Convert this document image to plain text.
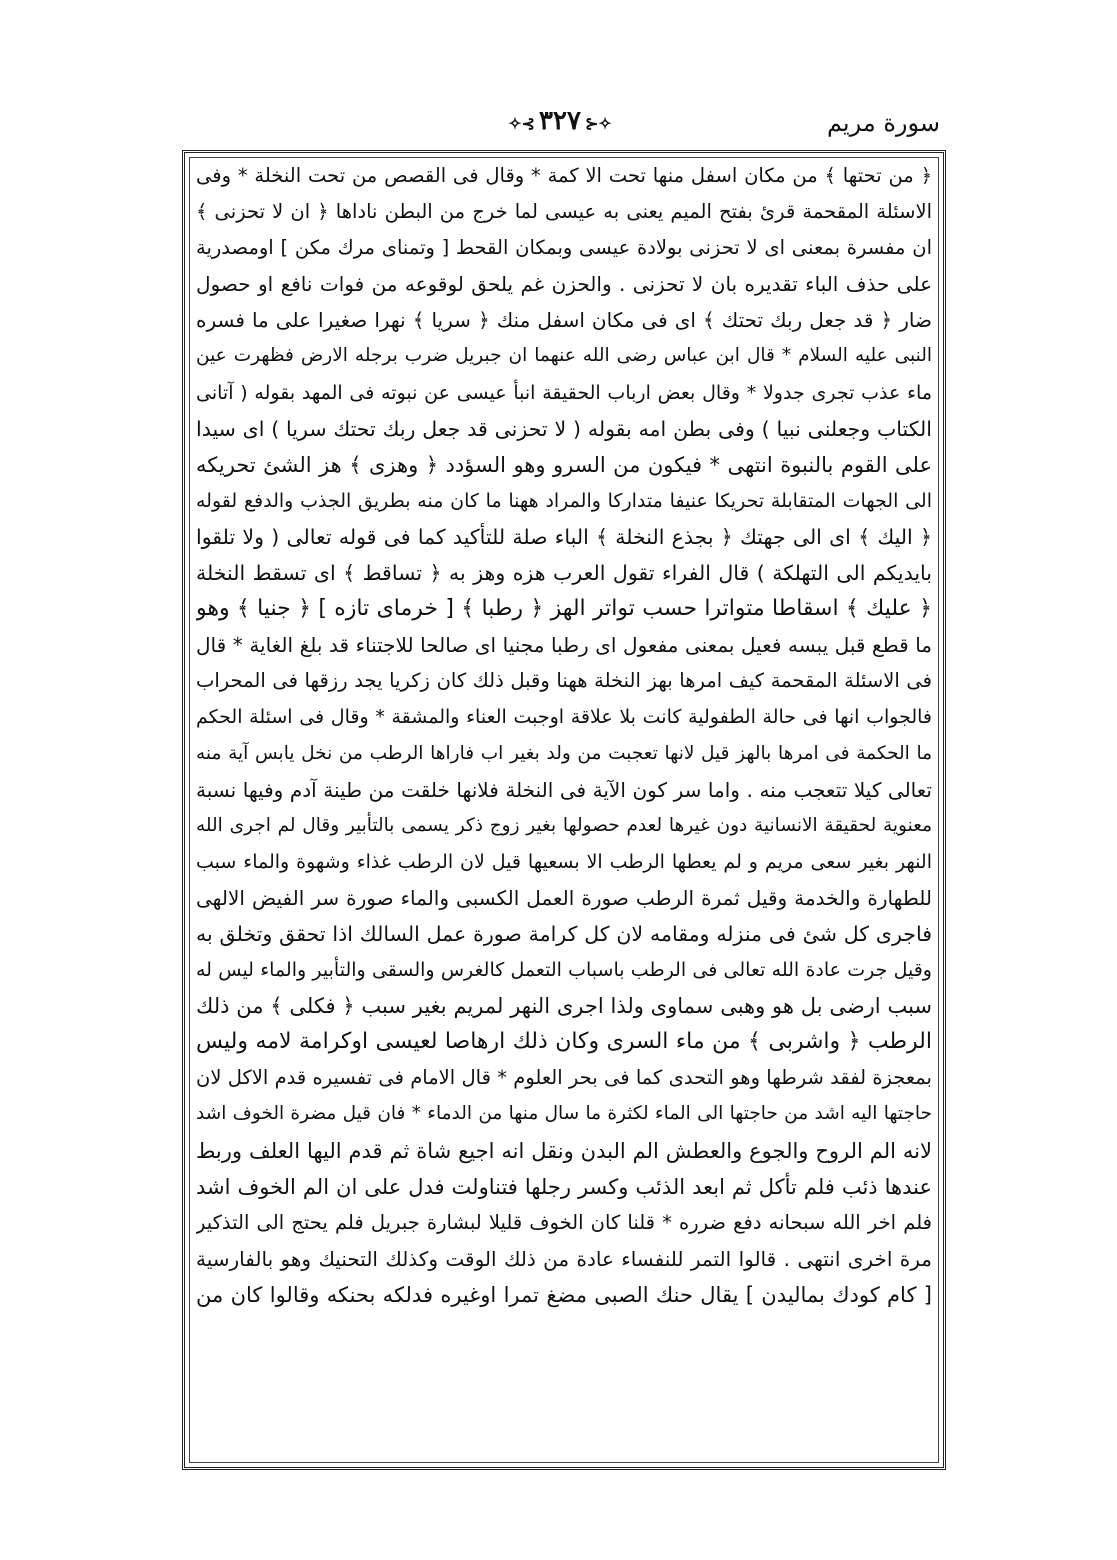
سورة مريم
✧⊰٣٢٧⊱✧
﴿ من تحتها ﴾ من مكان اسفل منها تحت الا كمة * وقال فى القصص من تحت النخلة * وفى
الاسئلة المقحمة قرئ بفتح الميم يعنى به عيسى لما خرج من البطن ناداها ﴿ ان لا تحزنى ﴾
ان مفسرة بمعنى اى لا تحزنى بولادة عيسى وبمكان القحط [ وتمناى مرك مكن ] اومصدرية
على حذف الباء تقديره بان لا تحزنى . والحزن غم يلحق لوقوعه من فوات نافع او حصول
ضار ﴿ قد جعل ربك تحتك ﴾ اى فى مكان اسفل منك ﴿ سريا ﴾ نهرا صغيرا على ما فسره
النبى عليه السلام * قال ابن عباس رضى الله عنهما ان جبريل ضرب برجله الارض فظهرت عين
ماء عذب تجرى جدولا * وقال بعض ارباب الحقيقة انبأ عيسى عن نبوته فى المهد بقوله ( آتانى
الكتاب وجعلنى نبيا ) وفى بطن امه بقوله ( لا تحزنى قد جعل ربك تحتك سريا ) اى سيدا
على القوم بالنبوة انتهى * فيكون من السرو وهو السؤدد ﴿ وهزى ﴾ هز الشئ تحريكه
الى الجهات المتقابلة تحريكا عنيفا متداركا والمراد ههنا ما كان منه بطريق الجذب والدفع لقوله
﴿ اليك ﴾ اى الى جهتك ﴿ بجذع النخلة ﴾ الباء صلة للتأكيد كما فى قوله تعالى ( ولا تلقوا
بايديكم الى التهلكة ) قال الفراء تقول العرب هزه وهز به ﴿ تساقط ﴾ اى تسقط النخلة
﴿ عليك ﴾ اسقاطا متواترا حسب تواتر الهز ﴿ رطبا ﴾ [ خرماى تازه ] ﴿ جنيا ﴾ وهو
ما قطع قبل يبسه فعيل بمعنى مفعول اى رطبا مجنيا اى صالحا للاجتناء قد بلغ الغاية * قال
فى الاسئلة المقحمة كيف امرها بهز النخلة ههنا وقبل ذلك كان زكريا يجد رزقها فى المحراب
فالجواب انها فى حالة الطفولية كانت بلا علاقة اوجبت العناء والمشقة * وقال فى اسئلة الحكم
ما الحكمة فى امرها بالهز قيل لانها تعجبت من ولد بغير اب فاراها الرطب من نخل يابس آية منه
تعالى كيلا تتعجب منه . واما سر كون الآية فى النخلة فلانها خلقت من طينة آدم وفيها نسبة
معنوية لحقيقة الانسانية دون غيرها لعدم حصولها بغير زوج ذكر يسمى بالتأبير وقال لم اجرى الله
النهر بغير سعى مريم و لم يعطها الرطب الا بسعيها قيل لان الرطب غذاء وشهوة والماء سبب
للطهارة والخدمة وقيل ثمرة الرطب صورة العمل الكسبى والماء صورة سر الفيض الالهى
فاجرى كل شئ فى منزله ومقامه لان كل كرامة صورة عمل السالك اذا تحقق وتخلق به
وقيل جرت عادة الله تعالى فى الرطب باسباب التعمل كالغرس والسقى والتأبير والماء ليس له
سبب ارضى بل هو وهبى سماوى ولذا اجرى النهر لمريم بغير سبب ﴿ فكلى ﴾ من ذلك
الرطب ﴿ واشربى ﴾ من ماء السرى وكان ذلك ارهاصا لعيسى اوكرامة لامه وليس
بمعجزة لفقد شرطها وهو التحدى كما فى بحر العلوم * قال الامام فى تفسيره قدم الاكل لان
حاجتها اليه اشد من حاجتها الى الماء لكثرة ما سال منها من الدماء * فان قيل مضرة الخوف اشد
لانه الم الروح والجوع والعطش الم البدن ونقل انه اجيع شاة ثم قدم اليها العلف وربط
عندها ذئب فلم تأكل ثم ابعد الذئب وكسر رجلها فتناولت فدل على ان الم الخوف اشد
فلم اخر الله سبحانه دفع ضرره * قلنا كان الخوف قليلا لبشارة جبريل فلم يحتج الى التذكير
مرة اخرى انتهى . قالوا التمر للنفساء عادة من ذلك الوقت وكذلك التحنيك وهو بالفارسية
[ كام كودك بماليدن ] يقال حنك الصبى مضغ تمرا اوغيره فدلكه بحنكه وقالوا كان من
